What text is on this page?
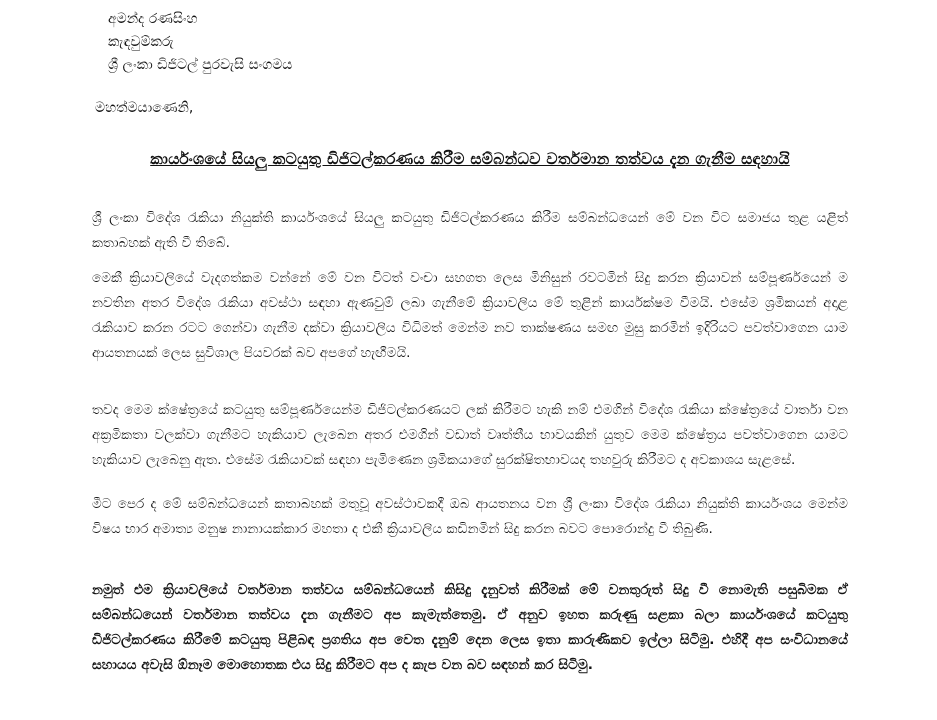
අමන්ද රණසිංහ
කැඳවුම්කරු
ශ්‍රී ලංකා ඩිජිටල් පුරවැසි සංගමය
මහත්මයාණෙනි,
කාර්යංශයේ සියලු කටයුතු ඩිජිටල්කරණය කිරීම සම්බන්ධව වර්තමාන තත්වය දැන ගැනීම සඳහායි

ශ්‍රී ලංකා විදේශ රැකියා නියුක්ති කාර්යංශයේ සියලු කටයුතු ඩිජිටල්කරණය කිරීම සම්බන්ධයෙන් මේ වන විට සමාජය තුළ යළිත් කතාබහක් ඇති වී තිබේ.

මෙකී ක්‍රියාවලියේ වැදගත්කම වන්නේ මේ වන විටත් වංචා සහගත ලෙස මිනිසුන් රවටමින් සිදු කරන ක්‍රියාවන් සම්පූර්ණයෙන් ම නවතින අතර විදේශ රැකියා අවස්ථා සඳහා ඇණවුම් ලබා ගැනීමේ ක්‍රියාවලිය මේ තුළින් කාර්යක්ෂම වීමයි. එසේම ශ්‍රමිකයන් අදාළ රැකියාව කරන රටට ගෙන්වා ගැනීම දක්වා ක්‍රියාවලිය විධිමත් මෙන්ම නව තාක්ෂණය සමඟ මුසු කරමින් ඉදිරියට පවත්වාගෙන යාම ආයතනයක් ලෙස සුවිශාල පියවරක් බව අපගේ හැඟීමයි.

තවද මෙම ක්ෂේත්‍රයේ කටයුතු සම්පූර්ණයෙන්ම ඩිජිටල්කරණයට ලක් කිරීමට හැකි නම් එමගින් විදේශ රැකියා ක්ෂේත්‍රයේ වාර්තා වන අක්‍රමිකතා වලක්වා ගැනීමට හැකියාව ලැබෙන අතර එමගින් වඩාත් වෘත්තීය භාවයකින් යුතුව මෙම ක්ෂේත්‍රය පවත්වාගෙන යාමට හැකියාව ලැබෙනු ඇත. එසේම රැකියාවක් සඳහා පැමිණෙන ශ්‍රමිකයාගේ සුරක්ෂිතභාවයද තහවුරු කිරීමට ද අවකාශය සැළසේ.

මීට පෙර ද මේ සම්බන්ධයෙන් කතාබහක් මතුවූ අවස්ථාවකදී ඔබ ආයතනය වන ශ්‍රී ලංකා විදේශ රැකියා නියුක්ති කාර්යංශය මෙන්ම විෂය භාර අමාත්‍ය මනුෂ නානායක්කාර මහතා ද එකී ක්‍රියාවලිය කඩිනමින් සිදු කරන බවට පොරොන්දු වී තිබුණි.

නමුත් එම ක්‍රියාවලියේ වර්තමාන තත්වය සම්බන්ධයෙන් කිසිදු දැනුවත් කිරීමක් මේ වනතුරුත් සිදු වී නොමැති පසුබිමක ඒ සම්බන්ධයෙන් වර්තමාන තත්වය දැන ගැනීමට අප කැමැත්තෙමු. ඒ අනුව ඉහත කරුණු සළකා බලා කාර්යංශයේ කටයුතු ඩිජිටල්කරණය කිරීමේ කටයුතු පිළිබඳ ප්‍රගතිය අප වෙත දැනුම් දෙන ලෙස ඉතා කාරුණිකව ඉල්ලා සිටිමු. එහිදී අප සංවිධානයේ සහායය අවැසි ඕනෑම මොහොතක එය සිදු කිරීමට අප ද කැප වන බව සඳහන් කර සිටිමු.
